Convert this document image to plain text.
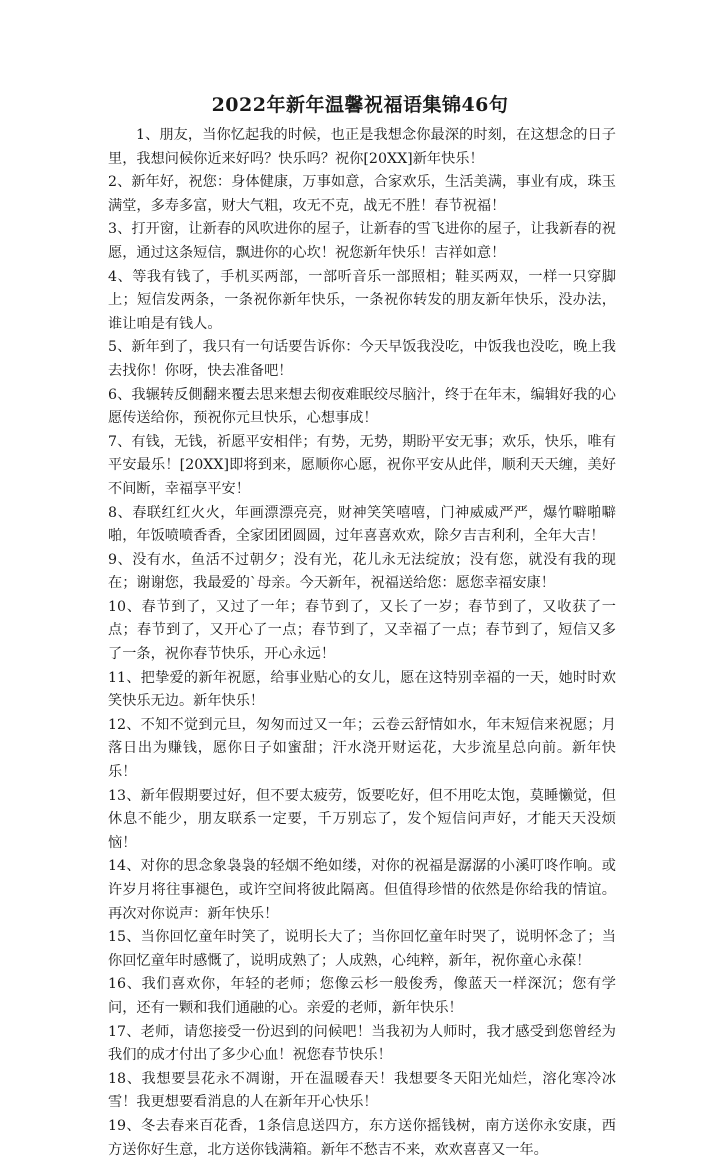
2022年新年温馨祝福语集锦46句

1、朋友，当你忆起我的时候，也正是我想念你最深的时刻，在这想念的日子里，我想问候你近来好吗？快乐吗？祝你[20XX]新年快乐！

2、新年好，祝您：身体健康，万事如意，合家欢乐，生活美满，事业有成，珠玉满堂，多寿多富，财大气粗，攻无不克，战无不胜！春节祝福！

3、打开窗，让新春的风吹进你的屋子，让新春的雪飞进你的屋子，让我新春的祝愿，通过这条短信，飘进你的心坎！祝您新年快乐！吉祥如意！

4、等我有钱了，手机买两部，一部听音乐一部照相；鞋买两双，一样一只穿脚上；短信发两条，一条祝你新年快乐，一条祝你转发的朋友新年快乐，没办法，谁让咱是有钱人。

5、新年到了，我只有一句话要告诉你：今天早饭我没吃，中饭我也没吃，晚上我去找你！你呀，快去准备吧！

6、我辗转反側翻来覆去思来想去彻夜难眠绞尽脑汁，终于在年末，编辑好我的心愿传送给你，预祝你元旦快乐，心想事成！

7、有钱，无钱，祈愿平安相伴；有势，无势，期盼平安无事；欢乐，快乐，唯有平安最乐！[20XX]即将到来，愿顺你心愿，祝你平安从此伴，顺利天天缠，美好不间断，幸福享平安！

8、春联红红火火，年画漂漂亮亮，财神笑笑嘻嘻，门神威威严严，爆竹噼啪噼啪，年饭喷喷香香，全家团团圆圆，过年喜喜欢欢，除夕吉吉利利，全年大吉！

9、没有水，鱼活不过朝夕；没有光，花儿永无法绽放；没有您，就没有我的现在；谢谢您，我最爱的`母亲。今天新年，祝福送给您：愿您幸福安康！

10、春节到了，又过了一年；春节到了，又长了一岁；春节到了，又收获了一点；春节到了，又开心了一点；春节到了，又幸福了一点；春节到了，短信又多了一条，祝你春节快乐，开心永远！

11、把挚爱的新年祝愿，给事业贴心的女儿，愿在这特别幸福的一天，她时时欢笑快乐无边。新年快乐！

12、不知不觉到元旦，匆匆而过又一年；云卷云舒情如水，年末短信来祝愿；月落日出为赚钱，愿你日子如蜜甜；汗水浇开财运花，大步流星总向前。新年快乐！

13、新年假期要过好，但不要太疲劳，饭要吃好，但不用吃太饱，莫睡懒觉，但休息不能少，朋友联系一定要，千万别忘了，发个短信问声好，才能天天没烦恼！

14、对你的思念象袅袅的轻烟不绝如缕，对你的祝福是潺潺的小溪叮咚作响。或许岁月将往事褪色，或许空间将彼此隔离。但值得珍惜的依然是你给我的情谊。再次对你说声：新年快乐！

15、当你回忆童年时笑了，说明长大了；当你回忆童年时哭了，说明怀念了；当你回忆童年时感慨了，说明成熟了；人成熟，心纯粹，新年，祝你童心永葆！

16、我们喜欢你，年轻的老师；您像云杉一般俊秀，像蓝天一样深沉；您有学问，还有一颗和我们通融的心。亲爱的老师，新年快乐！

17、老师，请您接受一份迟到的问候吧！当我初为人师时，我才感受到您曾经为我们的成才付出了多少心血！祝您春节快乐！

18、我想要昙花永不凋谢，开在温暖春天！我想要冬天阳光灿烂，溶化寒冷冰雪！我更想要看消息的人在新年开心快乐！

19、冬去春来百花香，1条信息送四方，东方送你摇钱树，南方送你永安康，西方送你好生意，北方送你钱满箱。新年不愁吉不来，欢欢喜喜又一年。
